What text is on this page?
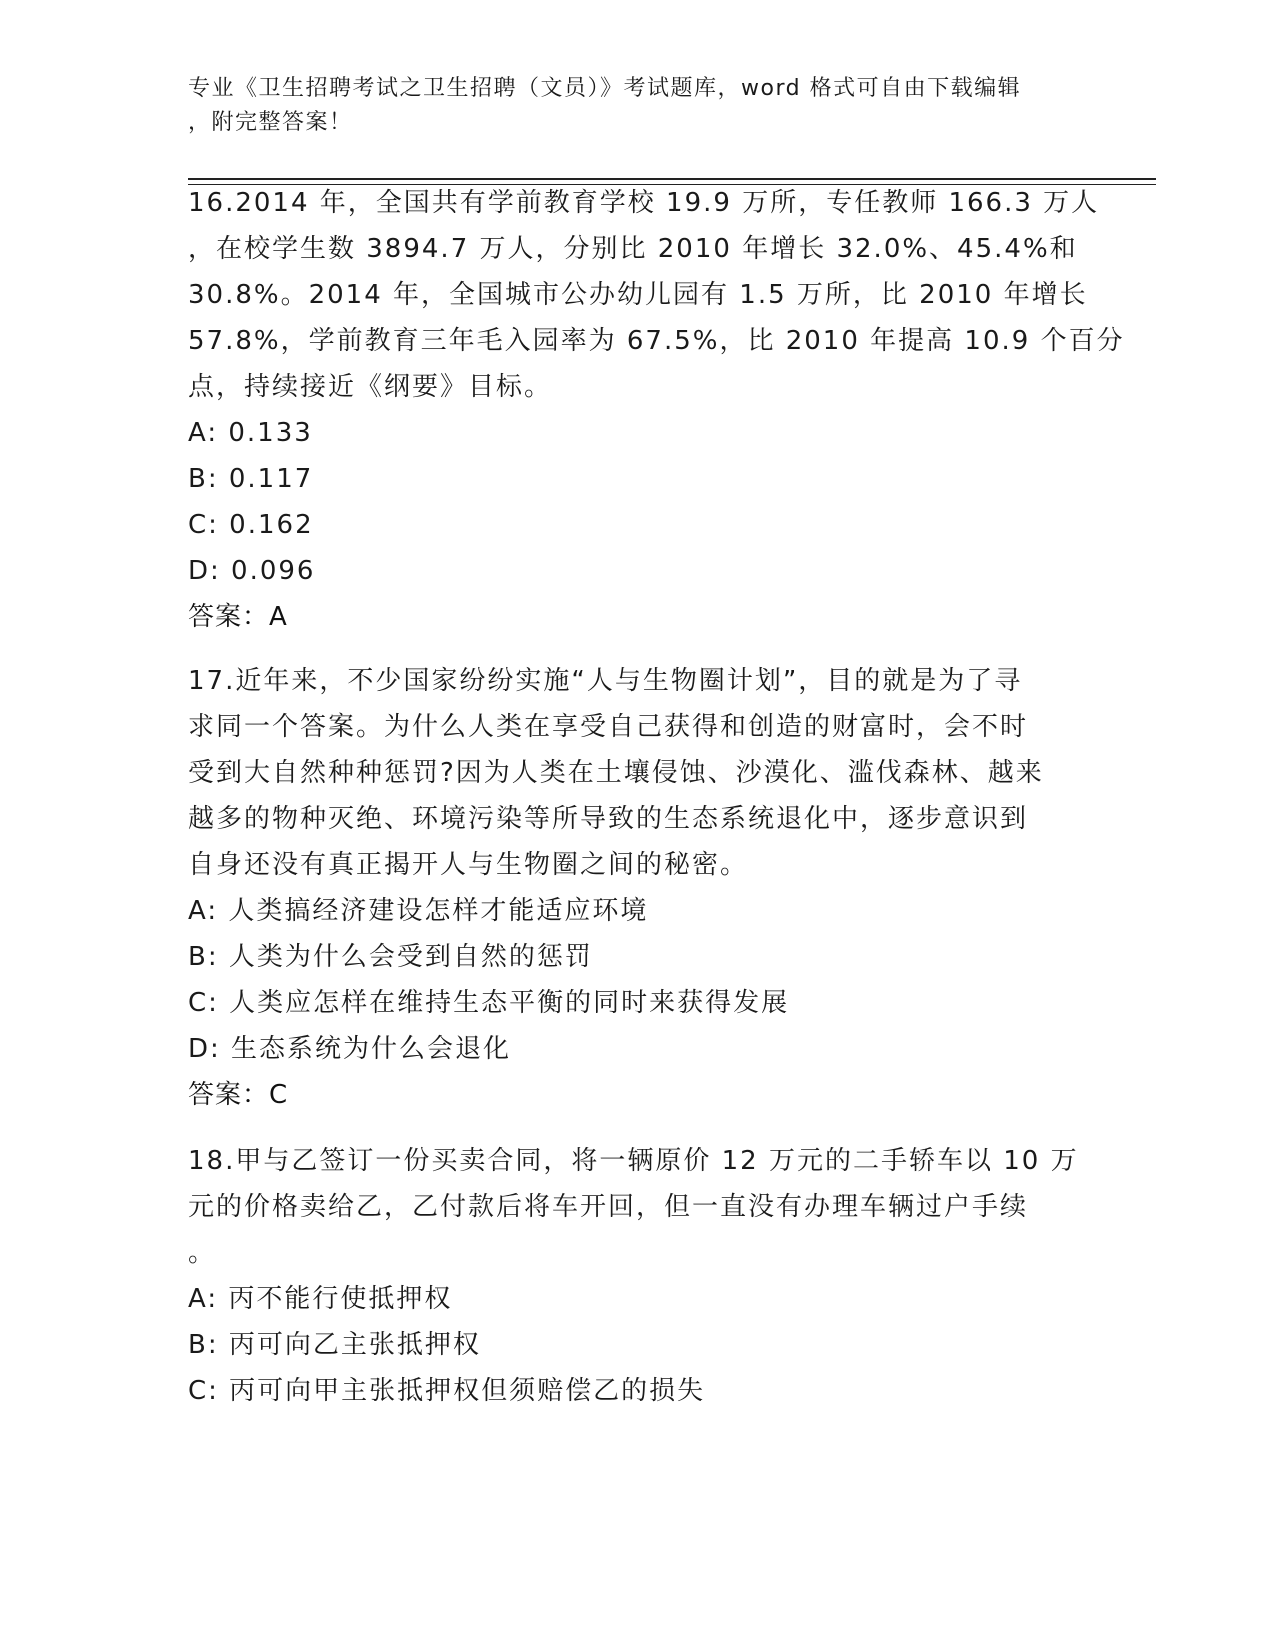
专业《卫生招聘考试之卫生招聘（文员）》考试题库，word 格式可自由下载编辑
，附完整答案！
16.2014 年，全国共有学前教育学校 19.9 万所，专任教师 166.3 万人
，在校学生数 3894.7 万人，分别比 2010 年增长 32.0%、45.4%和
30.8%。2014 年，全国城市公办幼儿园有 1.5 万所，比 2010 年增长
57.8%，学前教育三年毛入园率为 67.5%，比 2010 年提高 10.9 个百分
点，持续接近《纲要》目标。
A: 0.133
B: 0.117
C: 0.162
D: 0.096
答案：A
17.近年来，不少国家纷纷实施“人与生物圈计划”，目的就是为了寻
求同一个答案。为什么人类在享受自己获得和创造的财富时，会不时
受到大自然种种惩罚?因为人类在土壤侵蚀、沙漠化、滥伐森林、越来
越多的物种灭绝、环境污染等所导致的生态系统退化中，逐步意识到
自身还没有真正揭开人与生物圈之间的秘密。
A: 人类搞经济建设怎样才能适应环境
B: 人类为什么会受到自然的惩罚
C: 人类应怎样在维持生态平衡的同时来获得发展
D: 生态系统为什么会退化
答案：C
18.甲与乙签订一份买卖合同，将一辆原价 12 万元的二手轿车以 10 万
元的价格卖给乙，乙付款后将车开回，但一直没有办理车辆过户手续
。
A: 丙不能行使抵押权
B: 丙可向乙主张抵押权
C: 丙可向甲主张抵押权但须赔偿乙的损失
